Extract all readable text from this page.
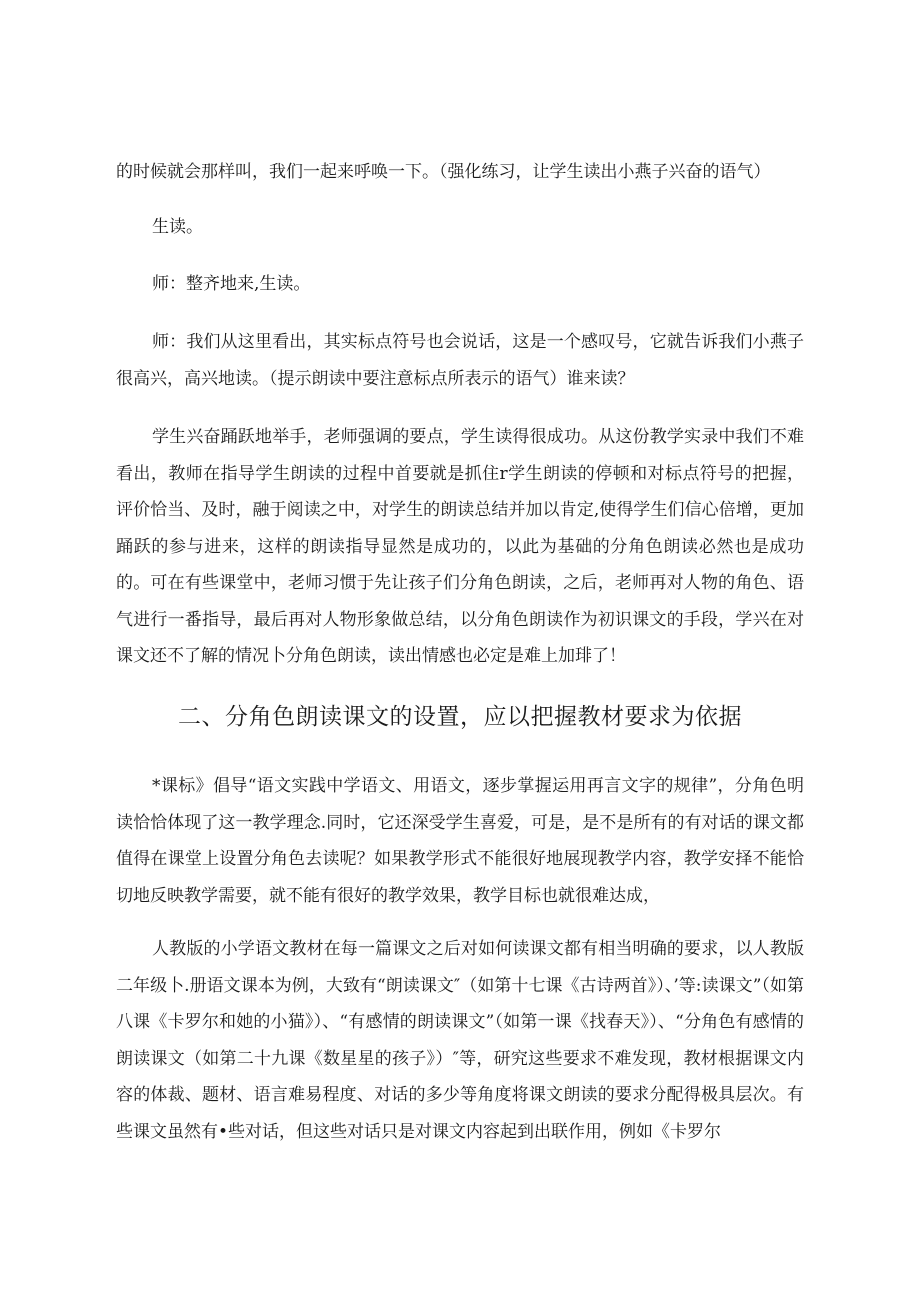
的时候就会那样叫，我们一起来呼唤一下。（强化练习，让学生读出小燕子兴奋的语气）

生读。

师：整齐地来,生读。

师：我们从这里看出，其实标点符号也会说话，这是一个感叹号，它就告诉我们小燕子很高兴，高兴地读。（提示朗读中要注意标点所表示的语气）谁来读？

学生兴奋踊跃地举手，老师强调的要点，学生读得很成功。从这份教学实录中我们不难看出，教师在指导学生朗读的过程中首要就是抓住r学生朗读的停顿和对标点符号的把握，评价恰当、及时，融于阅读之中，对学生的朗读总结并加以肯定,使得学生们信心倍增，更加踊跃的参与进来，这样的朗读指导显然是成功的，以此为基础的分角色朗读必然也是成功的。可在有些课堂中，老师习惯于先让孩子们分角色朗读，之后，老师再对人物的角色、语气进行一番指导，最后再对人物形象做总结，以分角色朗读作为初识课文的手段，学兴在对课文还不了解的情况卜分角色朗读，读出情感也必定是难上加琲了！

二、分角色朗读课文的设置，应以把握教材要求为依据

*课标》倡导“语文实践中学语文、用语文，逐步掌握运用再言文字的规律”，分角色明读恰恰体现了这一教学理念.同时，它还深受学生喜爱，可是，是不是所有的有对话的课文都值得在课堂上设置分角色去读呢？如果教学形式不能很好地展现教学内容，教学安择不能恰切地反映教学需要，就不能有很好的教学效果，教学目标也就很难达成，

人教版的小学语文教材在每一篇课文之后对如何读课文都有相当明确的要求，以人教版二年级卜.册语文课本为例，大致有“朗读课文″（如第十七课《古诗两首》）、’等:读课文”（如第八课《卡罗尔和她的小猫》）、“有感情的朗读课文”（如第一课《找春天》）、“分角色有感情的朗读课文（如第二十九课《数星星的孩子》）″等，研究这些要求不难发现，教材根据课文内容的体裁、题材、语言难易程度、对话的多少等角度将课文朗读的要求分配得极具层次。有些课文虽然有•些对话，但这些对话只是对课文内容起到出联作用，例如《卡罗尔
